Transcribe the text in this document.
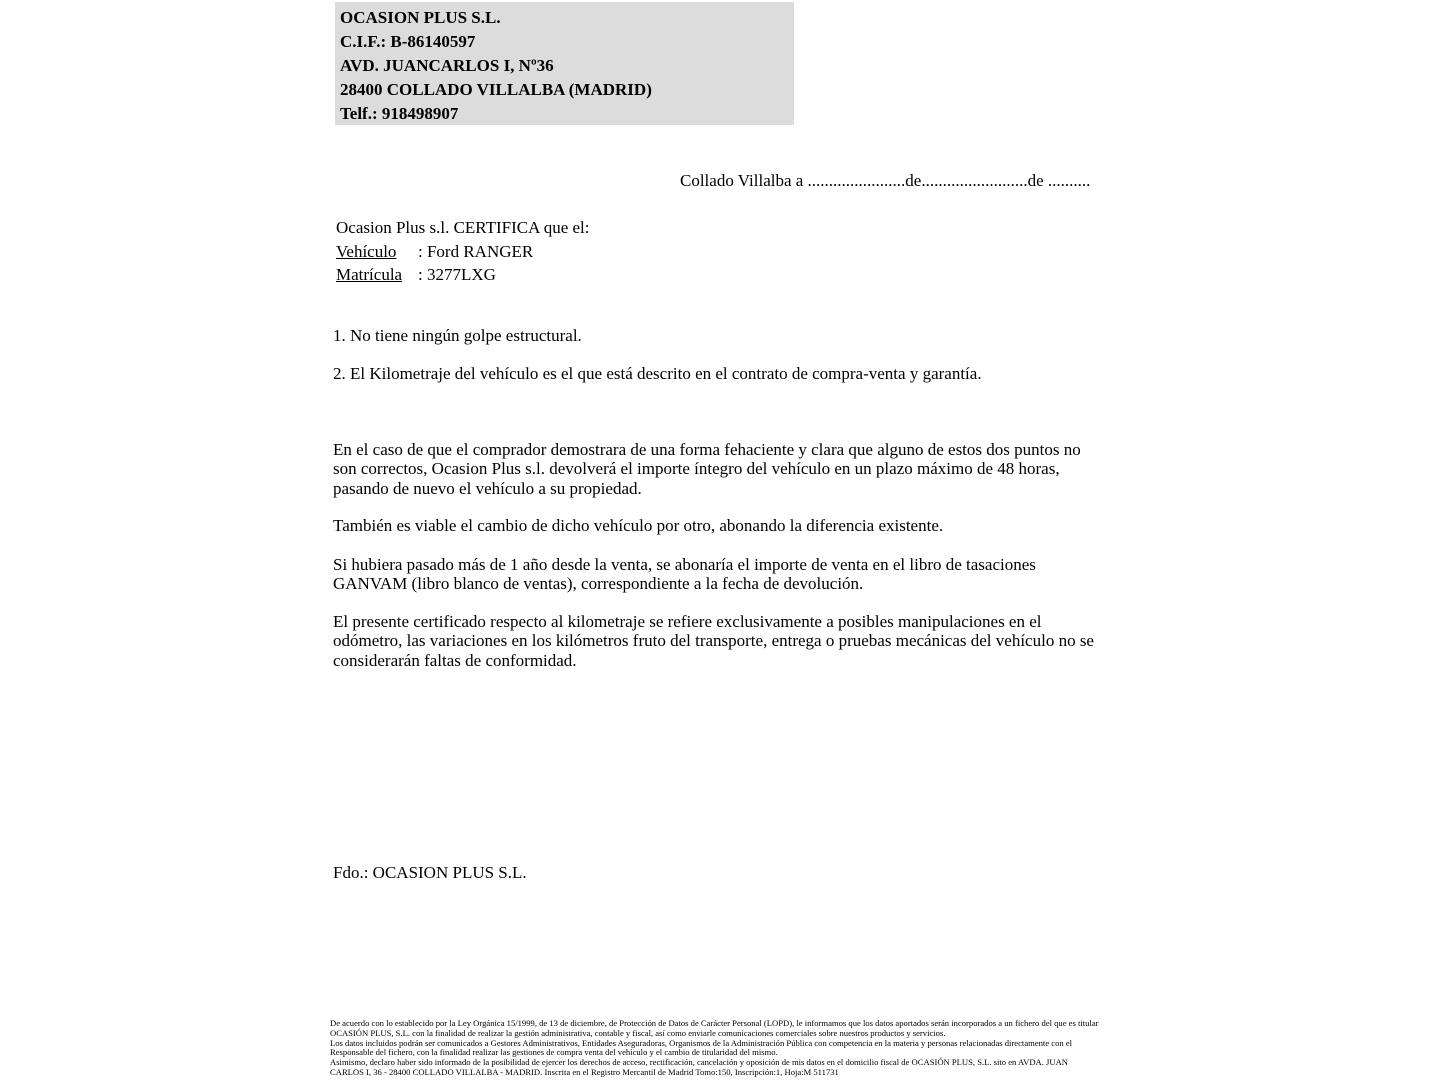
OCASION PLUS S.L.
C.I.F.: B-86140597
AVD. JUANCARLOS I, Nº36
28400 COLLADO VILLALBA (MADRID)
Telf.: 918498907
Collado Villalba a .......................de.........................de ..........
Ocasion Plus s.l. CERTIFICA que el:
Vehículo : Ford RANGER
Matrícula : 3277LXG
1. No tiene ningún golpe estructural.
2. El Kilometraje del vehículo es el que está descrito en el contrato de compra-venta y garantía.
En el caso de que el comprador demostrara de una forma fehaciente y clara que alguno de estos dos puntos no son correctos, Ocasion Plus s.l. devolverá el importe íntegro del vehículo en un plazo máximo de 48 horas, pasando de nuevo el vehículo a su propiedad.
También es viable el cambio de dicho vehículo por otro, abonando la diferencia existente.
Si hubiera pasado más de 1 año desde la venta, se abonaría el importe de venta en el libro de tasaciones GANVAM (libro blanco de ventas), correspondiente a la fecha de devolución.
El presente certificado respecto al kilometraje se refiere exclusivamente a posibles manipulaciones en el odómetro, las variaciones en los kilómetros fruto del transporte, entrega o pruebas mecánicas del vehículo no se considerarán faltas de conformidad.
Fdo.: OCASION PLUS S.L.
De acuerdo con lo establecido por la Ley Orgánica 15/1999, de 13 de diciembre, de Protección de Datos de Carácter Personal (LOPD), le informamos que los datos aportados serán incorporados a un fichero del que es titular
OCASIÓN PLUS, S.L. con la finalidad de realizar la gestión administrativa, contable y fiscal, así como enviarle comunicaciones comerciales sobre nuestros productos y servicios.
Los datos incluidos podrán ser comunicados a Gestores Administrativos, Entidades Aseguradoras, Organismos de la Administración Pública con competencia en la materia y personas relacionadas directamente con el
Responsable del fichero, con la finalidad realizar las gestiones de compra venta del vehículo y el cambio de titularidad del mismo.
Asimismo, declaro haber sido informado de la posibilidad de ejercer los derechos de acceso, rectificación, cancelación y oposición de mis datos en el domicilio fiscal de OCASIÓN PLUS, S.L. sito en AVDA. JUAN
CARLOS I, 36 - 28400 COLLADO VILLALBA - MADRID. Inscrita en el Registro Mercantil de Madrid Tomo:150, Inscripción:1, Hoja:M 511731
